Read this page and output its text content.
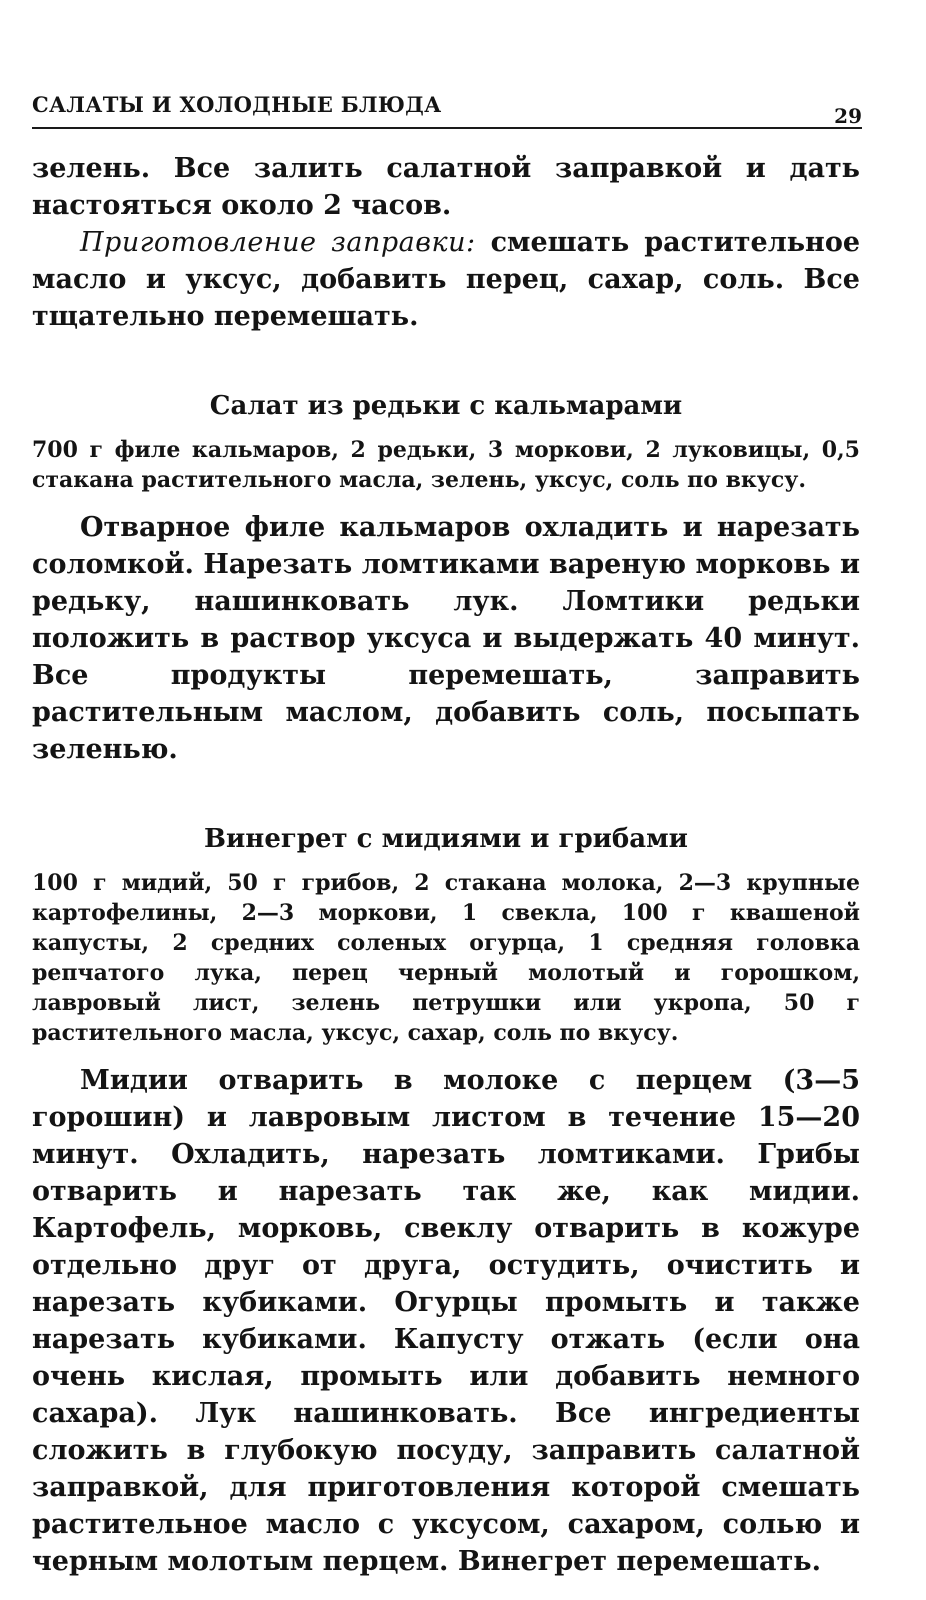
САЛАТЫ И ХОЛОДНЫЕ БЛЮДА	29

зелень. Все залить салатной заправкой и дать настояться около 2 часов.

Приготовление заправки: смешать растительное масло и уксус, добавить перец, сахар, соль. Все тщательно перемешать.

Салат из редьки с кальмарами

700 г филе кальмаров, 2 редьки, 3 моркови, 2 луковицы, 0,5 стакана растительного масла, зелень, уксус, соль по вкусу.

Отварное филе кальмаров охладить и нарезать соломкой. Нарезать ломтиками вареную морковь и редьку, нашинковать лук. Ломтики редьки положить в раствор уксуса и выдержать 40 минут. Все продукты перемешать, заправить растительным маслом, добавить соль, посыпать зеленью.

Винегрет с мидиями и грибами

100 г мидий, 50 г грибов, 2 стакана молока, 2—3 крупные картофелины, 2—3 моркови, 1 свекла, 100 г квашеной капусты, 2 средних соленых огурца, 1 средняя головка репчатого лука, перец черный молотый и горошком, лавровый лист, зелень петрушки или укропа, 50 г растительного масла, уксус, сахар, соль по вкусу.

Мидии отварить в молоке с перцем (3—5 горошин) и лавровым листом в течение 15—20 минут. Охладить, нарезать ломтиками. Грибы отварить и нарезать так же, как мидии. Картофель, морковь, свеклу отварить в кожуре отдельно друг от друга, остудить, очистить и нарезать кубиками. Огурцы промыть и также нарезать кубиками. Капусту отжать (если она очень кислая, промыть или добавить немного сахара). Лук нашинковать. Все ингредиенты сложить в глубокую посуду, заправить салатной заправкой, для приготовления которой смешать растительное масло с уксусом, сахаром, солью и черным молотым перцем. Винегрет перемешать.
